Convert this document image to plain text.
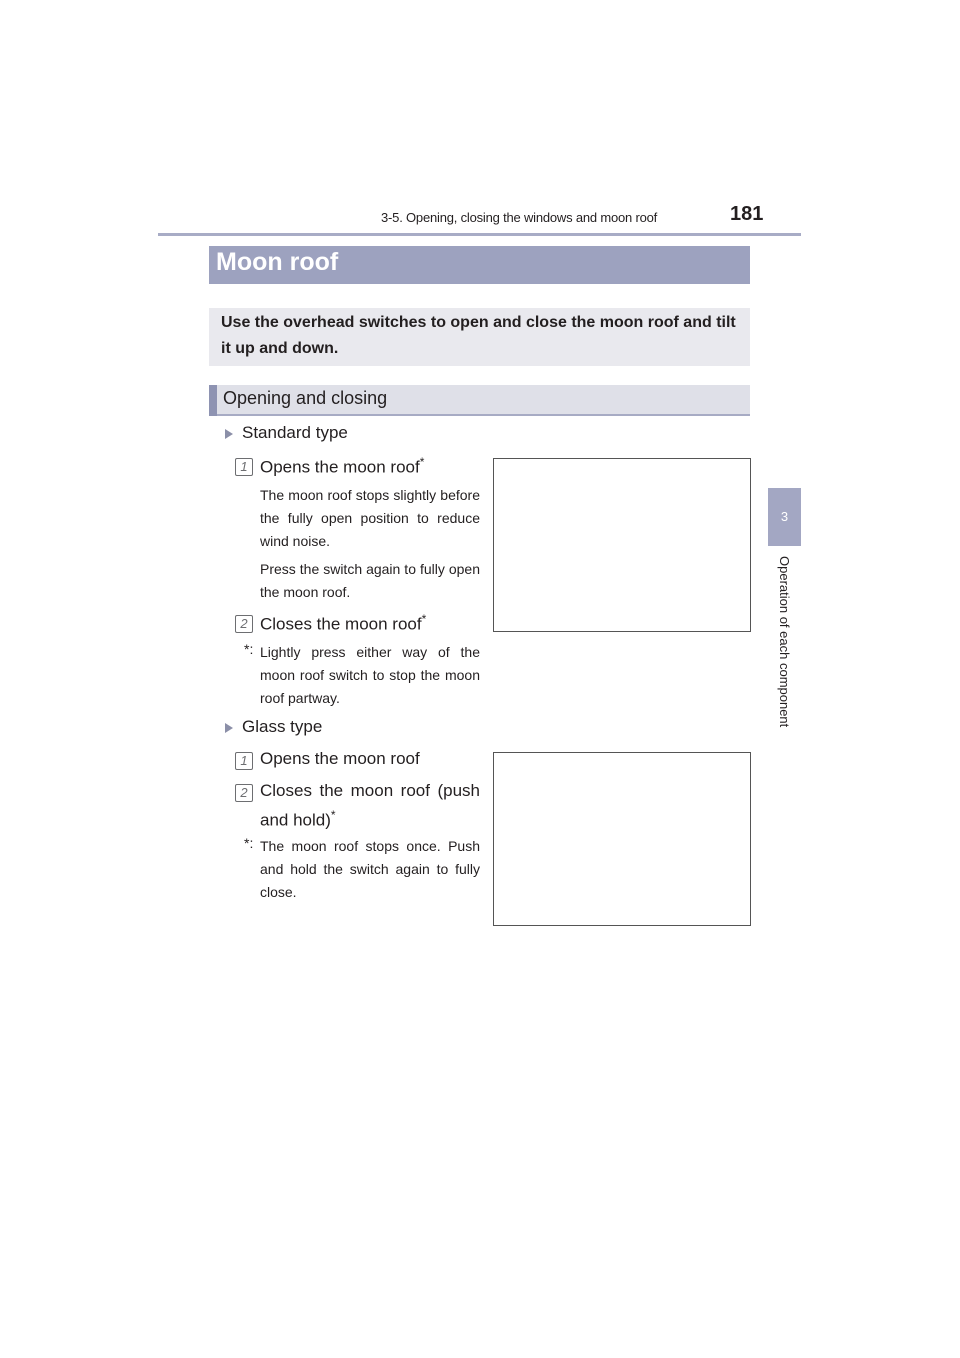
3-5. Opening, closing the windows and moon roof	181
3
Operation of each component
Moon roof

Use the overhead switches to open and close the moon roof and tilt it up and down.

Opening and closing
Standard type
1 Opens the moon roof*
The moon roof stops slightly before the fully open position to reduce wind noise.
Press the switch again to fully open the moon roof.
2 Closes the moon roof*
*: Lightly press either way of the moon roof switch to stop the moon roof partway.
Glass type
1 Opens the moon roof
2 Closes the moon roof (push and hold)*
*: The moon roof stops once. Push and hold the switch again to fully close.
